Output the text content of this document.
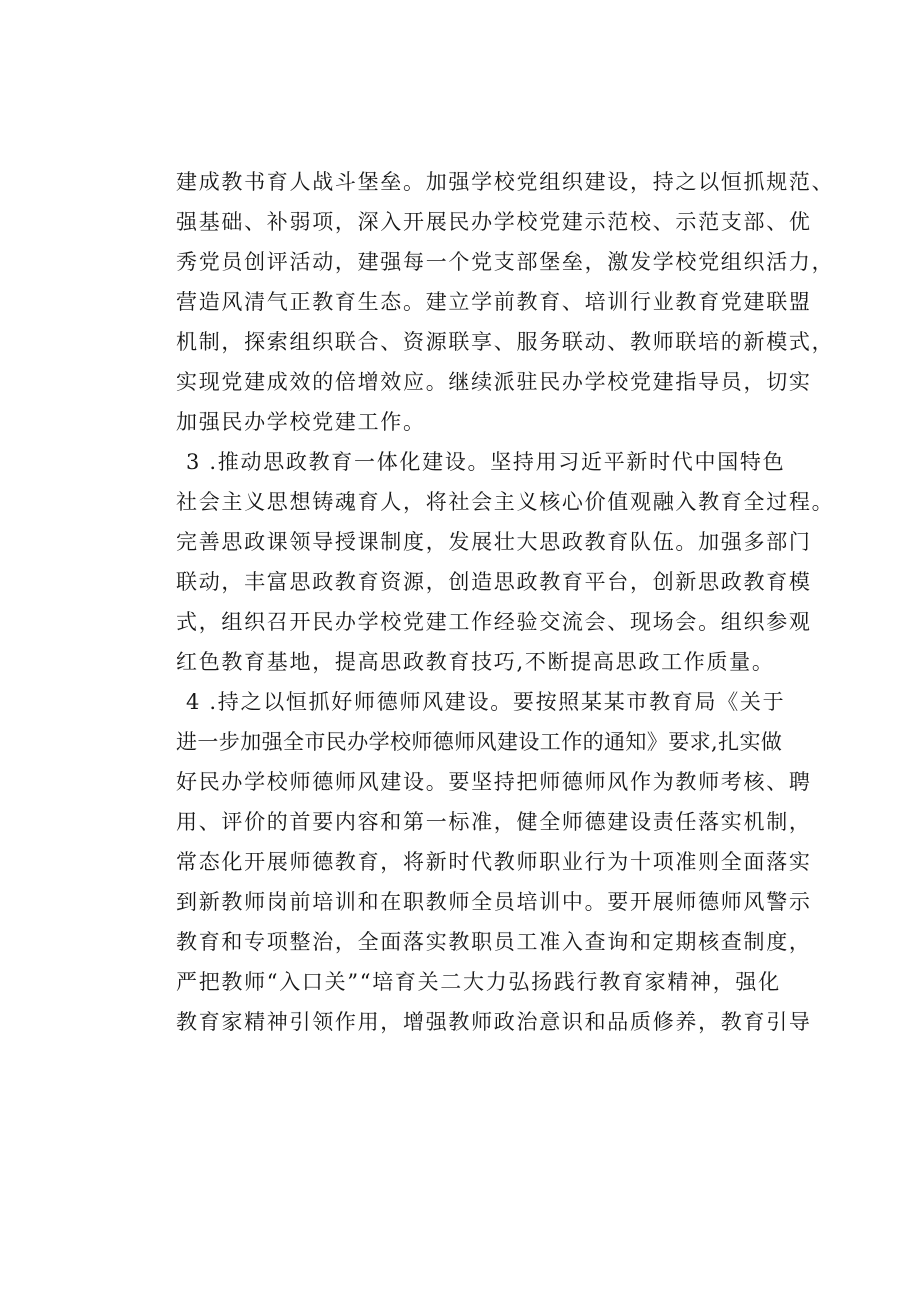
建成教书育人战斗堡垒。加强学校党组织建设，持之以恒抓规范、
强基础、补弱项，深入开展民办学校党建示范校、示范支部、优
秀党员创评活动，建强每一个党支部堡垒，激发学校党组织活力，
营造风清气正教育生态。建立学前教育、培训行业教育党建联盟
机制，探索组织联合、资源联享、服务联动、教师联培的新模式，
实现党建成效的倍增效应。继续派驻民办学校党建指导员，切实
加强民办学校党建工作。
3 .推动思政教育一体化建设。坚持用习近平新时代中国特色
社会主义思想铸魂育人，将社会主义核心价值观融入教育全过程。
完善思政课领导授课制度，发展壮大思政教育队伍。加强多部门
联动，丰富思政教育资源，创造思政教育平台，创新思政教育模
式，组织召开民办学校党建工作经验交流会、现场会。组织参观
红色教育基地，提高思政教育技巧,不断提高思政工作质量。
4 .持之以恒抓好师德师风建设。要按照某某市教育局《关于
进一步加强全市民办学校师德师风建设工作的通知》要求,扎实做
好民办学校师德师风建设。要坚持把师德师风作为教师考核、聘
用、评价的首要内容和第一标准，健全师德建设责任落实机制，
常态化开展师德教育，将新时代教师职业行为十项准则全面落实
到新教师岗前培训和在职教师全员培训中。要开展师德师风警示
教育和专项整治，全面落实教职员工准入查询和定期核查制度，
严把教师“入口关”“培育关二大力弘扬践行教育家精神，强化
教育家精神引领作用，增强教师政治意识和品质修养，教育引导
